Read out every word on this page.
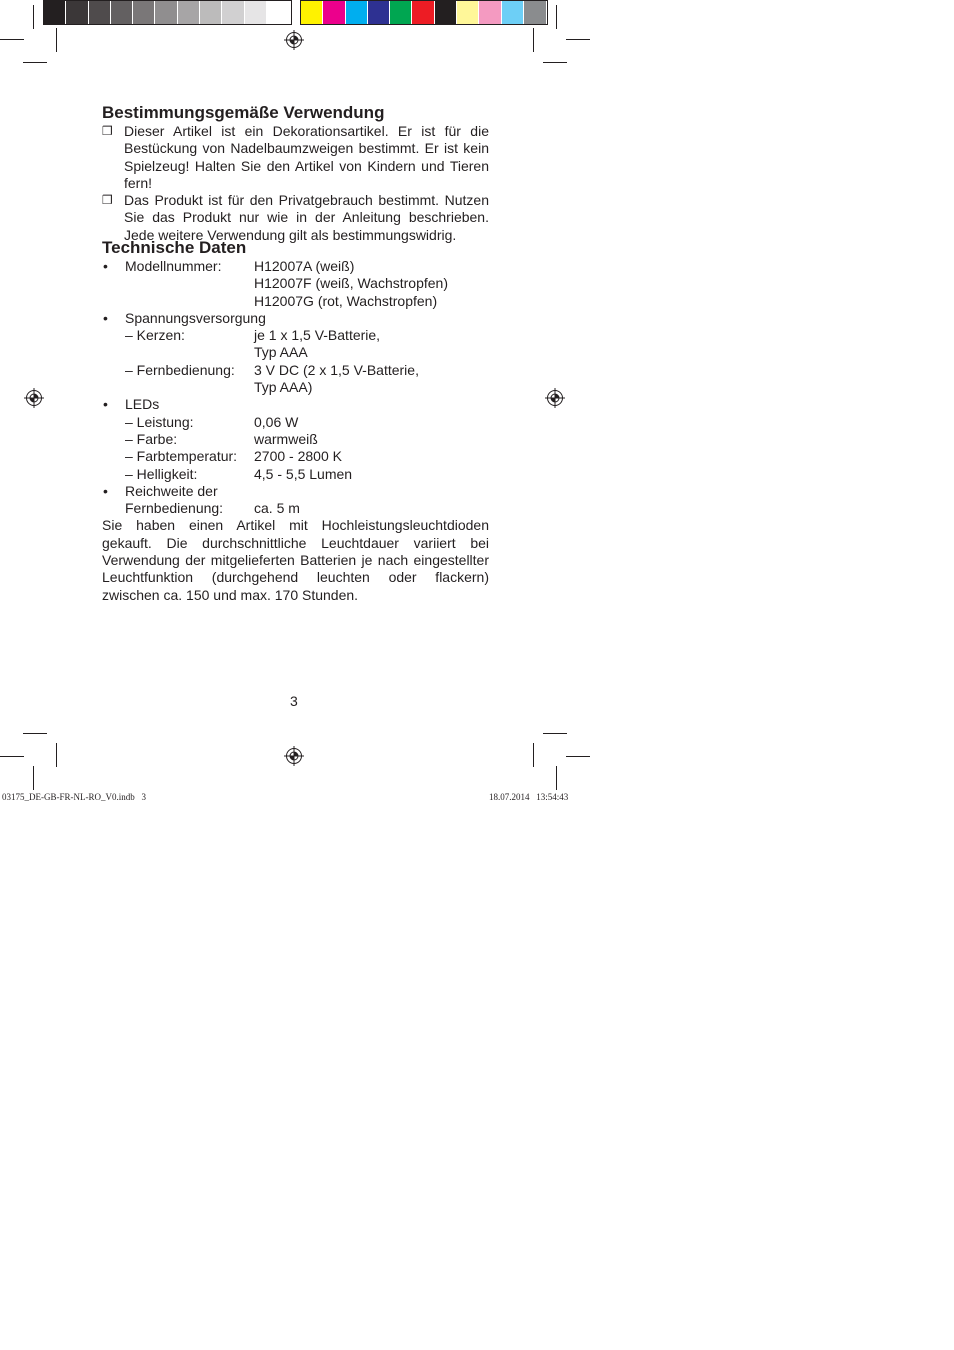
Bestimmungsgemäße Verwendung
❒ Dieser Artikel ist ein Dekorationsartikel. Er ist für die Bestückung von Nadelbaumzweigen bestimmt. Er ist kein Spielzeug! Halten Sie den Artikel von Kindern und Tieren fern!
❒ Das Produkt ist für den Privatgebrauch bestimmt. Nutzen Sie das Produkt nur wie in der Anleitung beschrieben. Jede weitere Verwendung gilt als bestimmungswidrig.
Technische Daten
•	Modellnummer:	H12007A (weiß)
H12007F (weiß, Wachstropfen)
H12007G (rot, Wachstropfen)
•	Spannungsversorgung
– Kerzen:	je 1 x 1,5 V-Batterie,
Typ AAA
– Fernbedienung:	3 V DC (2 x 1,5 V-Batterie,
Typ AAA)
•	LEDs
– Leistung:	0,06 W
– Farbe:	warmweiß
– Farbtemperatur:	2700 - 2800 K
– Helligkeit:	4,5 - 5,5 Lumen
•	Reichweite der
Fernbedienung:	ca. 5 m

Sie haben einen Artikel mit Hochleistungsleuchtdioden gekauft. Die durchschnittliche Leuchtdauer variiert bei Verwendung der mitgelieferten Batterien je nach eingestellter Leuchtfunktion (durchgehend leuchten oder flackern) zwischen ca. 150 und max. 170 Stunden.

3
03175_DE-GB-FR-NL-RO_V0.indb   3	18.07.2014   13:54:43
